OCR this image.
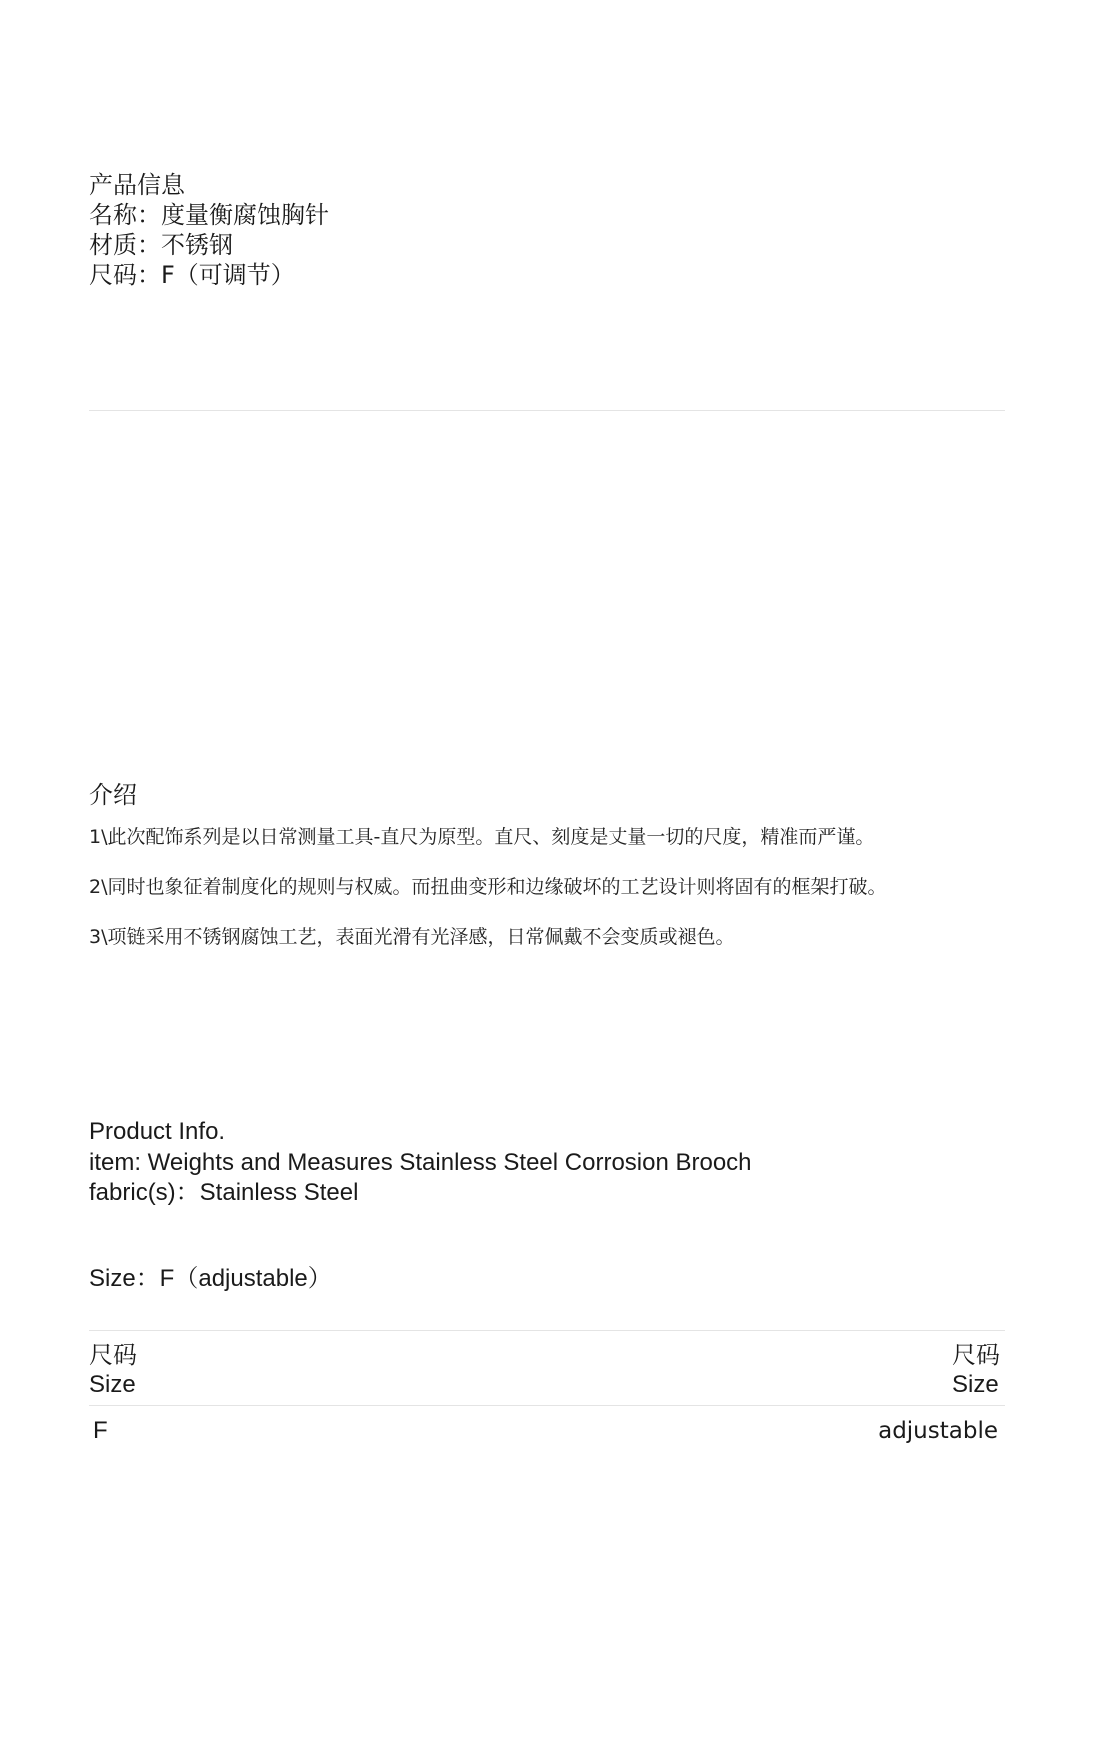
产品信息
名称：度量衡腐蚀胸针
材质：不锈钢
尺码：F（可调节）
介绍
1\此次配饰系列是以日常测量工具-直尺为原型。直尺、刻度是丈量一切的尺度，精准而严谨。
2\同时也象征着制度化的规则与权威。而扭曲变形和边缘破坏的工艺设计则将固有的框架打破。
3\项链采用不锈钢腐蚀工艺，表面光滑有光泽感，日常佩戴不会变质或褪色。
Product Info.
item: Weights and Measures Stainless Steel Corrosion Brooch
fabric(s)：Stainless Steel
Size：F（adjustable）
尺码
Size
尺码
Size
F	adjustable
